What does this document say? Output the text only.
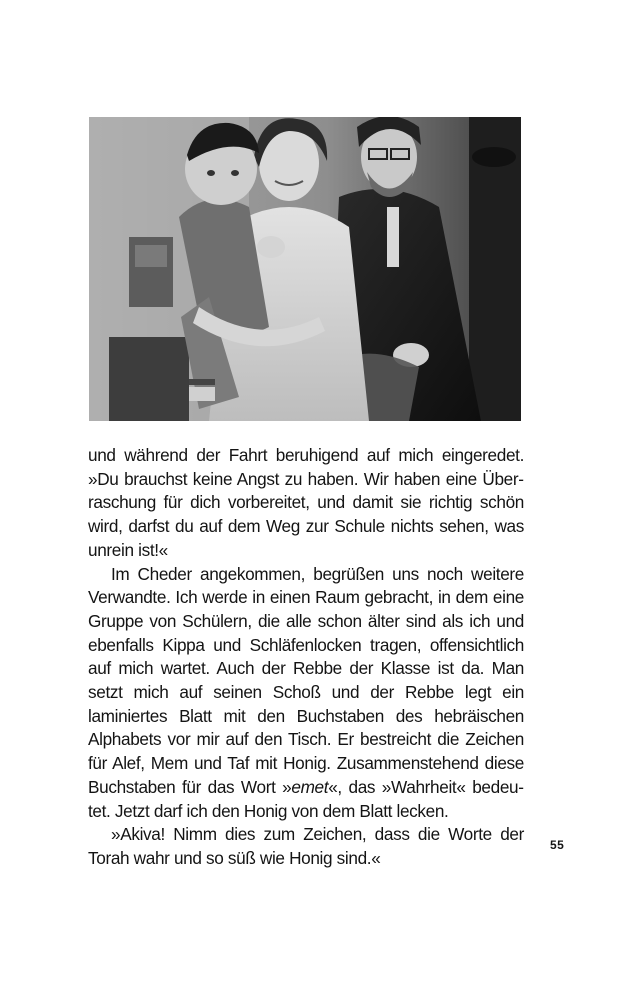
und während der Fahrt beruhigend auf mich eingeredet. »Du brauchst keine Angst zu haben. Wir haben eine Überraschung für dich vorbereitet, und damit sie richtig schön wird, darfst du auf dem Weg zur Schule nichts sehen, was unrein ist!«

Im Cheder angekommen, begrüßen uns noch weitere Verwandte. Ich werde in einen Raum gebracht, in dem eine Gruppe von Schülern, die alle schon älter sind als ich und ebenfalls Kippa und Schläfenlocken tragen, offensichtlich auf mich wartet. Auch der Rebbe der Klasse ist da. Man setzt mich auf seinen Schoß und der Rebbe legt ein laminiertes Blatt mit den Buchstaben des hebräischen Alphabets vor mir auf den Tisch. Er bestreicht die Zeichen für Alef, Mem und Taf mit Honig. Zusammenstehend diese Buchstaben für das Wort »emet«, das »Wahrheit« bedeutet. Jetzt darf ich den Honig von dem Blatt lecken.

»Akiva! Nimm dies zum Zeichen, dass die Worte der Torah wahr und so süß wie Honig sind.«

55
